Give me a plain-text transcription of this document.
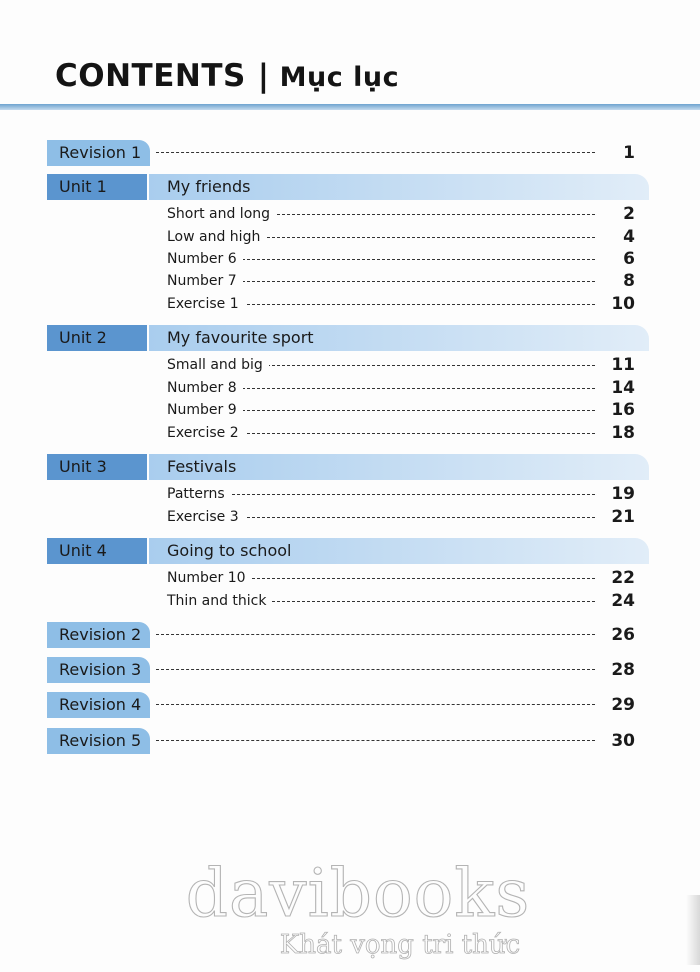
CONTENTS | Mục lục
Revision 1	1
Unit 1	My friends
Short and long	2
Low and high	4
Number 6	6
Number 7	8
Exercise 1	10
Unit 2	My favourite sport
Small and big	11
Number 8	14
Number 9	16
Exercise 2	18
Unit 3	Festivals
Patterns	19
Exercise 3	21
Unit 4	Going to school
Number 10	22
Thin and thick	24
Revision 2	26
Revision 3	28
Revision 4	29
Revision 5	30
davibooks
Khát vọng tri thức
